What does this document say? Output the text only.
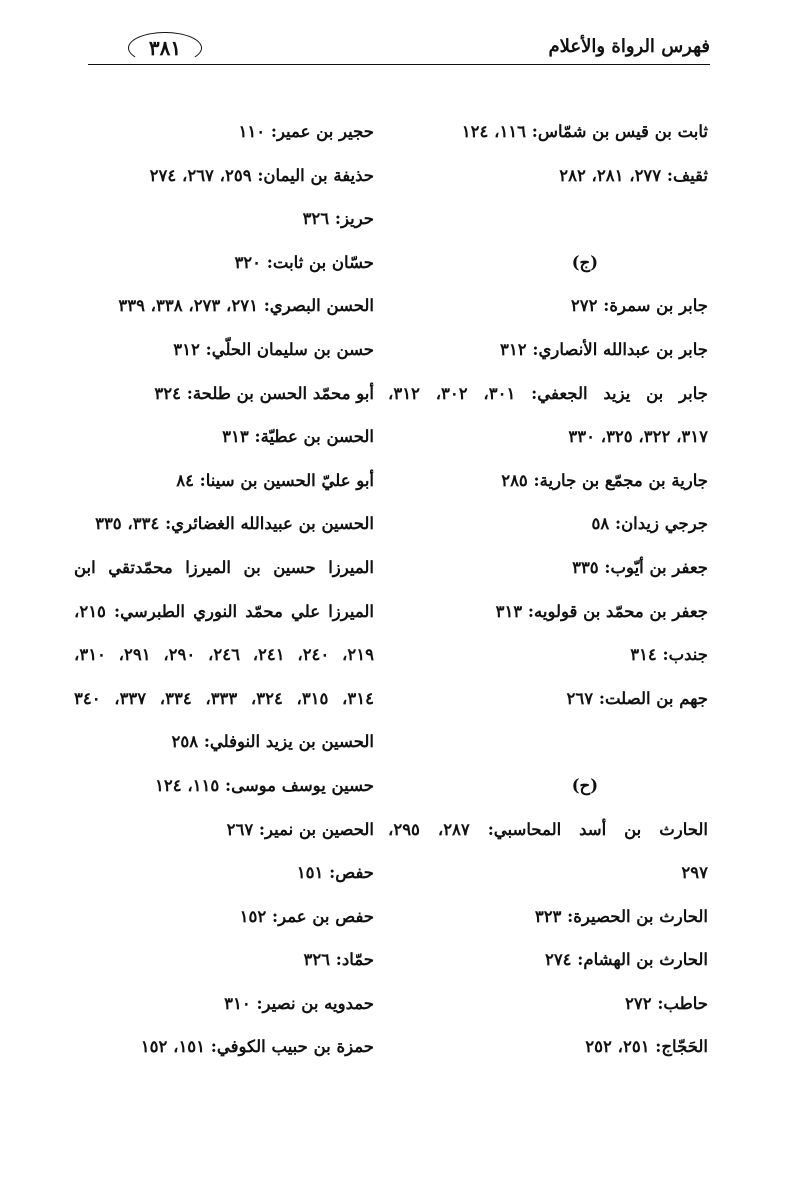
فهرس الرواة والأعلام
٣٨١
ثابت بن قيس بن شمّاس: ١١٦، ١٢٤
ثقيف: ٢٧٧، ٢٨١، ٢٨٢
(ج)
جابر بن سمرة: ٢٧٢
جابر بن عبدالله الأنصاري: ٣١٢
جابر بن يزيد الجعفي: ٣٠١، ٣٠٢، ٣١٢،
٣١٧، ٣٢٢، ٣٢٥، ٣٣٠
جارية بن مجمّع بن جارية: ٢٨٥
جرجي زيدان: ٥٨
جعفر بن أيّوب: ٣٣٥
جعفر بن محمّد بن قولويه: ٣١٣
جندب: ٣١٤
جهم بن الصلت: ٢٦٧
(ح)
الحارث بن أسد المحاسبي: ٢٨٧، ٢٩٥،
٢٩٧
الحارث بن الحصيرة: ٣٢٣
الحارث بن الهشام: ٢٧٤
حاطب: ٢٧٢
الحَجّاج: ٢٥١، ٢٥٢
حجير بن عمير: ١١٠
حذيفة بن اليمان: ٢٥٩، ٢٦٧، ٢٧٤
حريز: ٣٢٦
حسّان بن ثابت: ٣٢٠
الحسن البصري: ٢٧١، ٢٧٣، ٣٣٨، ٣٣٩
حسن بن سليمان الحلّي: ٣١٢
أبو محمّد الحسن بن طلحة: ٣٢٤
الحسن بن عطيّة: ٣١٣
أبو عليّ الحسين بن سينا: ٨٤
الحسين بن عبيدالله الغضائري: ٣٣٤، ٣٣٥
الميرزا حسين بن الميرزا محمّدتقي ابن
الميرزا علي محمّد النوري الطبرسي: ٢١٥،
٢١٩، ٢٤٠، ٢٤١، ٢٤٦، ٢٩٠، ٢٩١، ٣١٠،
٣١٤، ٣١٥، ٣٢٤، ٣٣٣، ٣٣٤، ٣٣٧، ٣٤٠
الحسين بن يزيد النوفلي: ٢٥٨
حسين يوسف موسى: ١١٥، ١٢٤
الحصين بن نمير: ٢٦٧
حفص: ١٥١
حفص بن عمر: ١٥٢
حمّاد: ٣٢٦
حمدويه بن نصير: ٣١٠
حمزة بن حبيب الكوفي: ١٥١، ١٥٢
